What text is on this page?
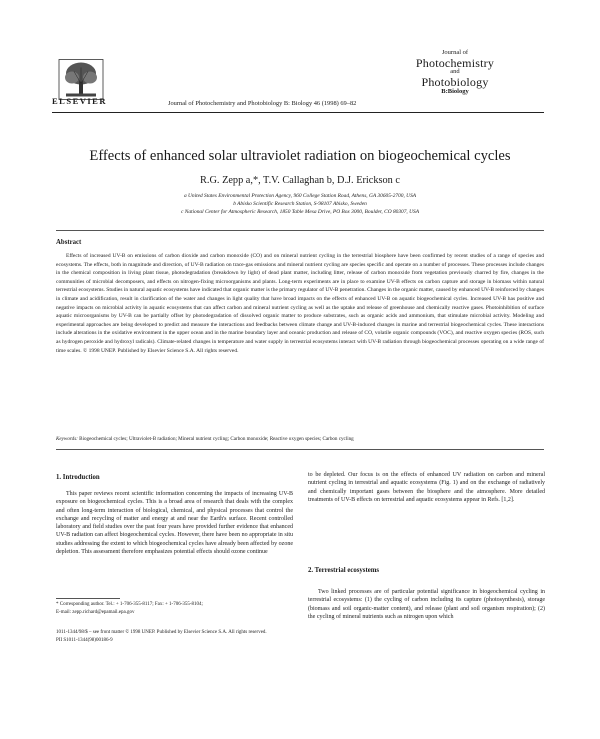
ELSEVIER	Journal of Photochemistry and Photobiology B: Biology 46 (1998) 69–82
Journal of
Photochemistry
and
Photobiology
B:Biology
Effects of enhanced solar ultraviolet radiation on biogeochemical cycles
R.G. Zepp a,*, T.V. Callaghan b, D.J. Erickson c
a United States Environmental Protection Agency, 960 College Station Road, Athens, GA 30605-2700, USA
b Abisko Scientific Research Station, S-98107 Abisko, Sweden
c National Center for Atmospheric Research, 1850 Table Mesa Drive, PO Box 3000, Boulder, CO 80307, USA
Abstract
Effects of increased UV-B on emissions of carbon dioxide and carbon monoxide (CO) and on mineral nutrient cycling in the terrestrial biosphere have been confirmed by recent studies of a range of species and ecosystems. The effects, both in magnitude and direction, of UV-B radiation on trace-gas emissions and mineral nutrient cycling are species specific and operate on a number of processes. These processes include changes in the chemical composition in living plant tissue, photodegradation (breakdown by light) of dead plant matter, including litter, release of carbon monoxide from vegetation previously charred by fire, changes in the communities of microbial decomposers, and effects on nitrogen-fixing microorganisms and plants. Long-term experiments are in place to examine UV-B effects on carbon capture and storage in biomass within natural terrestrial ecosystems. Studies in natural aquatic ecosystems have indicated that organic matter is the primary regulator of UV-B penetration. Changes in the organic matter, caused by enhanced UV-B reinforced by changes in climate and acidification, result in clarification of the water and changes in light quality that have broad impacts on the effects of enhanced UV-B on aquatic biogeochemical cycles. Increased UV-B has positive and negative impacts on microbial activity in aquatic ecosystems that can affect carbon and mineral nutrient cycling as well as the uptake and release of greenhouse and chemically reactive gases. Photoinhibition of surface aquatic microorganisms by UV-B can be partially offset by photodegradation of dissolved organic matter to produce substrates, such as organic acids and ammonium, that stimulate microbial activity. Modeling and experimental approaches are being developed to predict and measure the interactions and feedbacks between climate change and UV-B-induced changes in marine and terrestrial biogeochemical cycles. These interactions include alterations in the oxidative environment in the upper ocean and in the marine boundary layer and oceanic production and release of CO, volatile organic compounds (VOC), and reactive oxygen species (ROS, such as hydrogen peroxide and hydroxyl radicals). Climate-related changes in temperature and water supply in terrestrial ecosystems interact with UV-B radiation through biogeochemical processes operating on a wide range of time scales. © 1998 UNEP. Published by Elsevier Science S.A. All rights reserved.
Keywords: Biogeochemical cycles; Ultraviolet-B radiation; Mineral nutrient cycling; Carbon monoxide; Reactive oxygen species; Carbon cycling
1. Introduction
This paper reviews recent scientific information concerning the impacts of increasing UV-B exposure on biogeochemical cycles. This is a broad area of research that deals with the complex and often long-term interaction of biological, chemical, and physical processes that control the exchange and recycling of matter and energy at and near the Earth's surface. Recent controlled laboratory and field studies over the past four years have provided further evidence that enhanced UV-B radiation can affect biogeochemical cycles. However, there have been no appropriate in situ studies addressing the extent to which biogeochemical cycles have already been affected by ozone depletion. This assessment therefore emphasizes potential effects should ozone continue
* Corresponding author. Tel.: + 1-706-355-8117; Fax: + 1-706-355-8104;
E-mail: zepp.richard@epamail.epa.gov
to be depleted. Our focus is on the effects of enhanced UV radiation on carbon and mineral nutrient cycling in terrestrial and aquatic ecosystems (Fig. 1) and on the exchange of radiatively and chemically important gases between the biosphere and the atmosphere. More detailed treatments of UV-B effects on terrestrial and aquatic ecosystems appear in Refs. [1,2].
2. Terrestrial ecosystems
Two linked processes are of particular potential significance in biogeochemical cycling in terrestrial ecosystems: (1) the cycling of carbon including its capture (photosynthesis), storage (biomass and soil organic-matter content), and release (plant and soil organism respiration); (2) the cycling of mineral nutrients such as nitrogen upon which
1011-1344/98/$ – see front matter © 1998 UNEP. Published by Elsevier Science S.A. All rights reserved.
PII S1011-1344(98)00186-9
